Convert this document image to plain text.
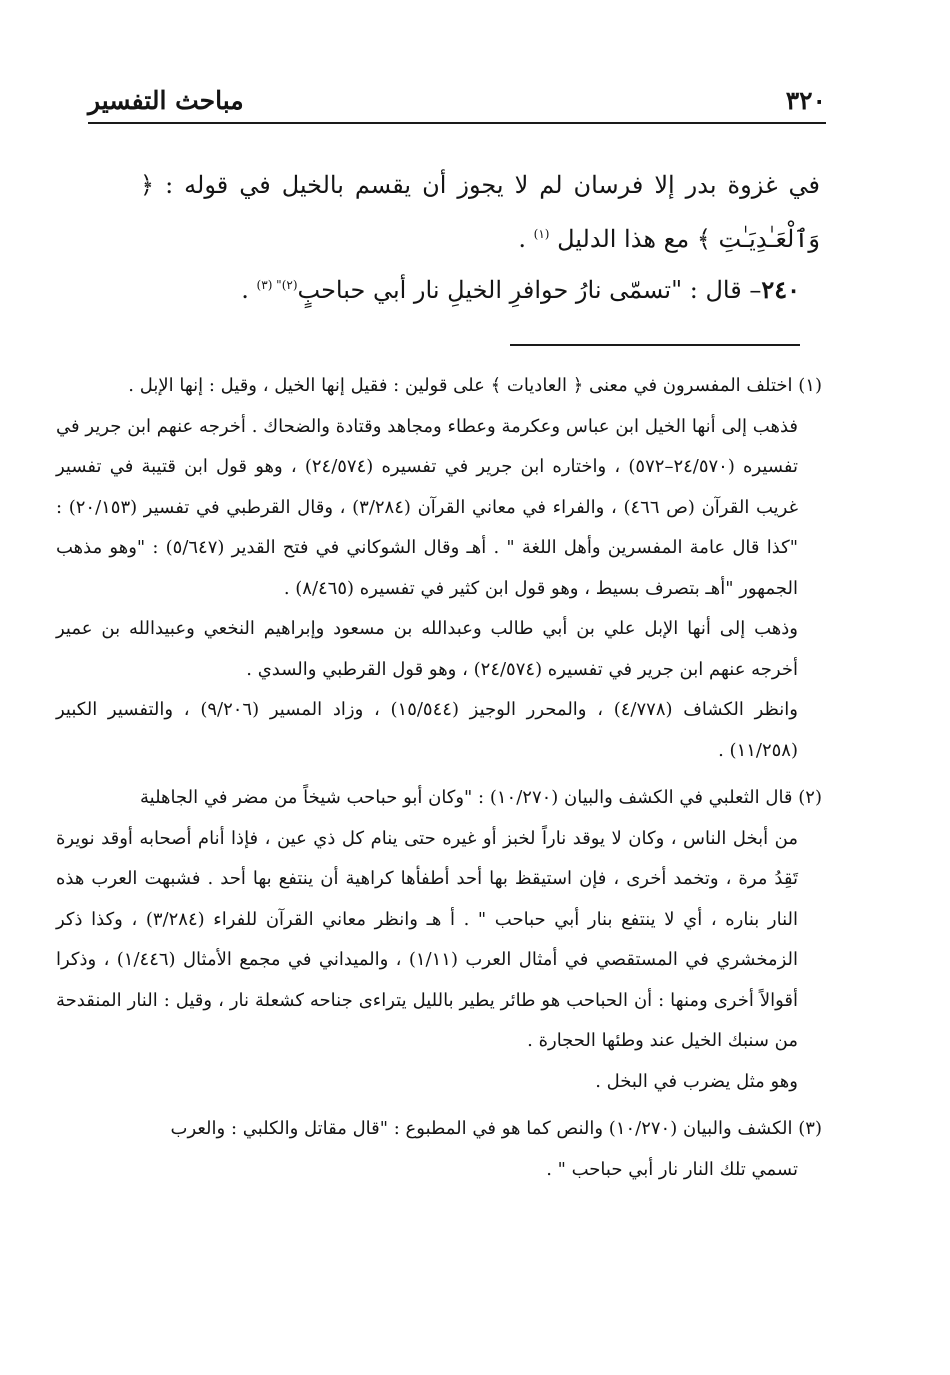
٣٢٠
مباحث التفسير

في غزوة بدر إلا فرسان لم لا يجوز أن يقسم بالخيل في قوله : ﴿ وَٱلْعَـٰدِيَـٰتِ ﴾ مع هذا الدليل $^{(١)}$ .

٢٤٠– قال : "تسمّى نارُ حوافرِ الخيلِ نار أبي حباحبٍ$^{(٢)" (٣)}$ .

(١) اختلف المفسرون في معنى ﴿ العاديات ﴾ على قولين : فقيل إنها الخيل ، وقيل : إنها الإبل .

فذهب إلى أنها الخيل ابن عباس وعكرمة وعطاء ومجاهد وقتادة والضحاك . أخرجه عنهم ابن جرير في تفسيره (٢٤/٥٧٠–٥٧٢) ، واختاره ابن جرير في تفسيره (٢٤/٥٧٤) ، وهو قول ابن قتيبة في تفسير غريب القرآن (ص ٤٦٦) ، والفراء في معاني القرآن (٣/٢٨٤) ، وقال القرطبي في تفسير (٢٠/١٥٣) : "كذا قال عامة المفسرين وأهل اللغة " . أهـ وقال الشوكاني في فتح القدير (٥/٦٤٧) : "وهو مذهب الجمهور "أهـ بتصرف بسيط ، وهو قول ابن كثير في تفسيره (٨/٤٦٥) .

وذهب إلى أنها الإبل علي بن أبي طالب وعبدالله بن مسعود وإبراهيم النخعي وعبيدالله بن عمير أخرجه عنهم ابن جرير في تفسيره (٢٤/٥٧٤) ، وهو قول القرطبي والسدي .

وانظر الكشاف (٤/٧٧٨) ، والمحرر الوجيز (١٥/٥٤٤) ، وزاد المسير (٩/٢٠٦) ، والتفسير الكبير (١١/٢٥٨) .

(٢) قال الثعلبي في الكشف والبيان (١٠/٢٧٠) : "وكان أبو حباحب شيخاً من مضر في الجاهلية

من أبخل الناس ، وكان لا يوقد ناراً لخبز أو غيره حتى ينام كل ذي عين ، فإذا أنام أصحابه أوقد نويرة تَقِدُ مرة ، وتخمد أخرى ، فإن استيقظ بها أحد أطفأها كراهية أن ينتفع بها أحد . فشبهت العرب هذه النار بناره ، أي لا ينتفع بنار أبي حباحب " . أ هـ وانظر معاني القرآن للفراء (٣/٢٨٤) ، وكذا ذكر الزمخشري في المستقصي في أمثال العرب (١/١١) ، والميداني في مجمع الأمثال (١/٤٤٦) ، وذكرا أقوالاً أخرى ومنها : أن الحباحب هو طائر يطير بالليل يتراءى جناحه كشعلة نار ، وقيل : النار المنقدحة من سنبك الخيل عند وطئها الحجارة .

وهو مثل يضرب في البخل .

(٣) الكشف والبيان (١٠/٢٧٠) والنص كما هو في المطبوع : "قال مقاتل والكلبي : والعرب

تسمي تلك النار نار أبي حباحب " .
